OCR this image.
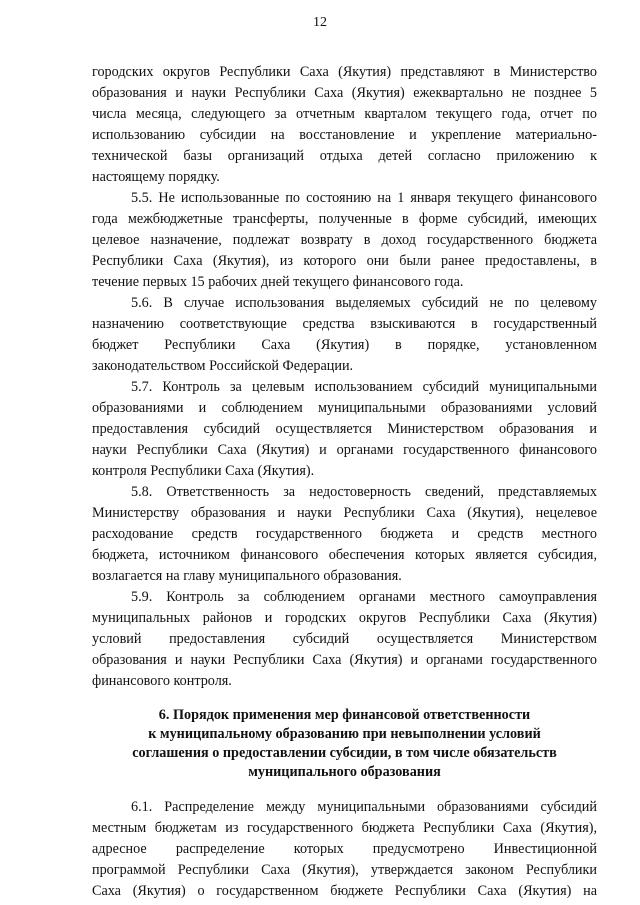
12
городских округов Республики Саха (Якутия) представляют в Министерство
образования и науки Республики Саха (Якутия) ежеквартально не позднее 5
числа месяца, следующего за отчетным кварталом текущего года, отчет по
использованию субсидии на восстановление и укрепление материально-
технической базы организаций отдыха детей согласно приложению к
настоящему порядку.
5.5. Не использованные по состоянию на 1 января текущего финансового
года межбюджетные трансферты, полученные в форме субсидий, имеющих
целевое назначение, подлежат возврату в доход государственного бюджета
Республики Саха (Якутия), из которого они были ранее предоставлены, в
течение первых 15 рабочих дней текущего финансового года.
5.6. В случае использования выделяемых субсидий не по целевому
назначению соответствующие средства взыскиваются в государственный
бюджет Республики Саха (Якутия) в порядке, установленном
законодательством Российской Федерации.
5.7. Контроль за целевым использованием субсидий муниципальными
образованиями и соблюдением муниципальными образованиями условий
предоставления субсидий осуществляется Министерством образования и
науки Республики Саха (Якутия) и органами государственного финансового
контроля Республики Саха (Якутия).
5.8. Ответственность за недостоверность сведений, представляемых
Министерству образования и науки Республики Саха (Якутия), нецелевое
расходование средств государственного бюджета и средств местного
бюджета, источником финансового обеспечения которых является субсидия,
возлагается на главу муниципального образования.
5.9. Контроль за соблюдением органами местного самоуправления
муниципальных районов и городских округов Республики Саха (Якутия)
условий предоставления субсидий осуществляется Министерством
образования и науки Республики Саха (Якутия) и органами государственного
финансового контроля.
6. Порядок применения мер финансовой ответственности
к муниципальному образованию при невыполнении условий
соглашения о предоставлении субсидии, в том числе обязательств
муниципального образования
6.1. Распределение между муниципальными образованиями субсидий
местным бюджетам из государственного бюджета Республики Саха (Якутия),
адресное распределение которых предусмотрено Инвестиционной
программой Республики Саха (Якутия), утверждается законом Республики
Саха (Якутия) о государственном бюджете Республики Саха (Якутия) на
